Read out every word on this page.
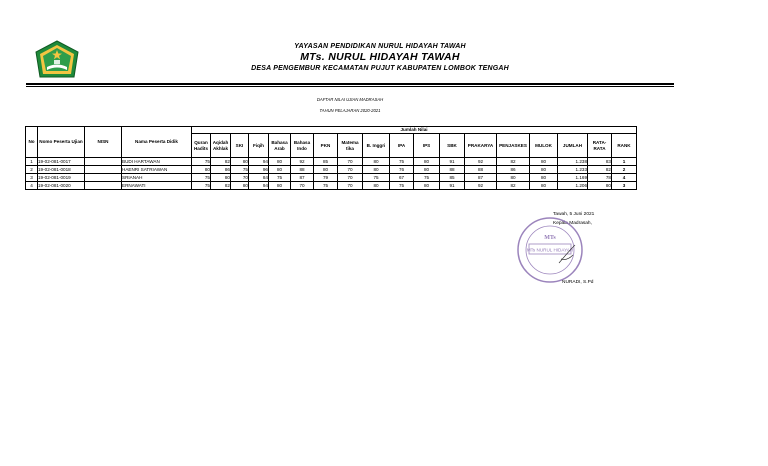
YAYASAN PENDIDIKAN NURUL HIDAYAH TAWAH
MTs. NURUL HIDAYAH TAWAH
DESA PENGEMBUR KECAMATAN PUJUT KABUPATEN LOMBOK TENGAH
DAFTAR NILAI UJIAN MADRASAH
TAHUN PELAJARAN 2020-2021
No	Nomo Peserta Ujian	NISN	Nama Peserta Didik	Jumlah Nilai																	
				Quran Hadits	Aqidah Akhlak	SKI	Fiqih	Bahasa Arab	Bahasa Indo	PKN	Matema tika	B. Inggri	IPA	IPS	SBK	PRAKARYA	PENJASKES	MULOK	JUMLAH	RATA-RATA	RANK
1	19-02-081-0017		BUDI HARTAWAN	75	82	80	94	80	92	85	70	80	75	80	91	92	82	80	1.238	83	1
2	19-02-081-0018		HAENRI SATRIAWAN	80	86	75	96	80	88	80	70	80	76	80	88	88	86	80	1.233	82	2
3	19-02-081-0019		SRIANAH	75	80	70	84	75	87	79	70	75	67	75	85	87	80	80	1.169	78	4
4	19-02-081-0020		ERNAWATI	75	82	80	94	80	70	75	70	80	75	80	91	92	82	80	1.206	80	3
Tawah, 5 Juni 2021
Kepala Madrasah,
MTs
MTs NURUL HIDAYAH
NURADI, S.Pd
